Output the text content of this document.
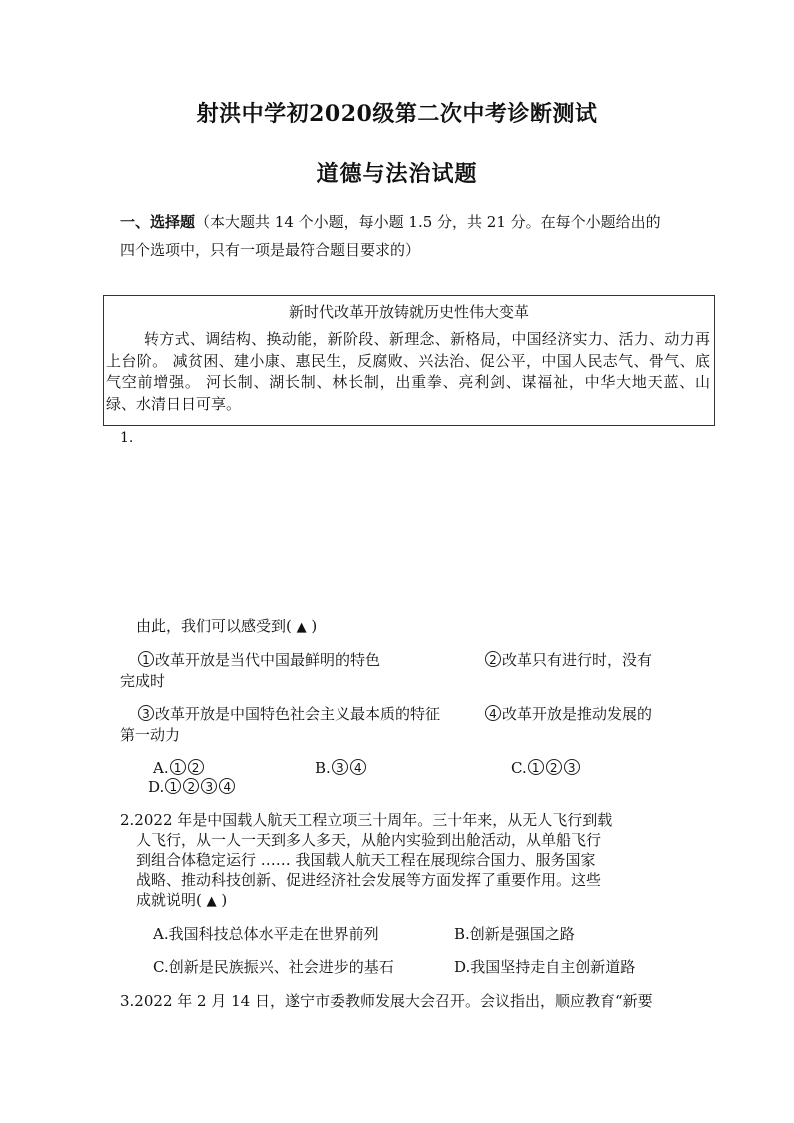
射洪中学初2020级第二次中考诊断测试
道德与法治试题
一、选择题（本大题共 14 个小题，每小题 1.5 分，共 21 分。在每个小题给出的
四个选项中，只有一项是最符合题目要求的）
新时代改革开放铸就历史性伟大变革
转方式、调结构、换动能，新阶段、新理念、新格局，中国经济实力、活力、动力再上台阶。 减贫困、建小康、惠民生，反腐败、兴法治、促公平，中国人民志气、骨气、底气空前增强。 河长制、湖长制、林长制，出重拳、亮利剑、谋福祉，中华大地天蓝、山绿、水清日日可享。
1.
由此，我们可以感受到( ▲ )
1 改革开放是当代中国最鲜明的特色	2 改革只有进行时，没有
完成时
3 改革开放是中国特色社会主义最本质的特征	4 改革开放是推动发展的
第一动力
A. 1 2	B. 3 4	C. 1 2 3
D. 1 2 3 4
2.2022 年是中国载人航天工程立项三十周年。三十年来，从无人飞行到载
人飞行，从一人一天到多人多天，从舱内实验到出舱活动，从单船飞行
到组合体稳定运行 …… 我国载人航天工程在展现综合国力、服务国家
战略、推动科技创新、促进经济社会发展等方面发挥了重要作用。这些
成就说明( ▲ )
A.我国科技总体水平走在世界前列	B.创新是强国之路
C.创新是民族振兴、社会进步的基石	D.我国坚持走自主创新道路
3.2022 年 2 月 14 日，遂宁市委教师发展大会召开。会议指出，顺应教育“新要
